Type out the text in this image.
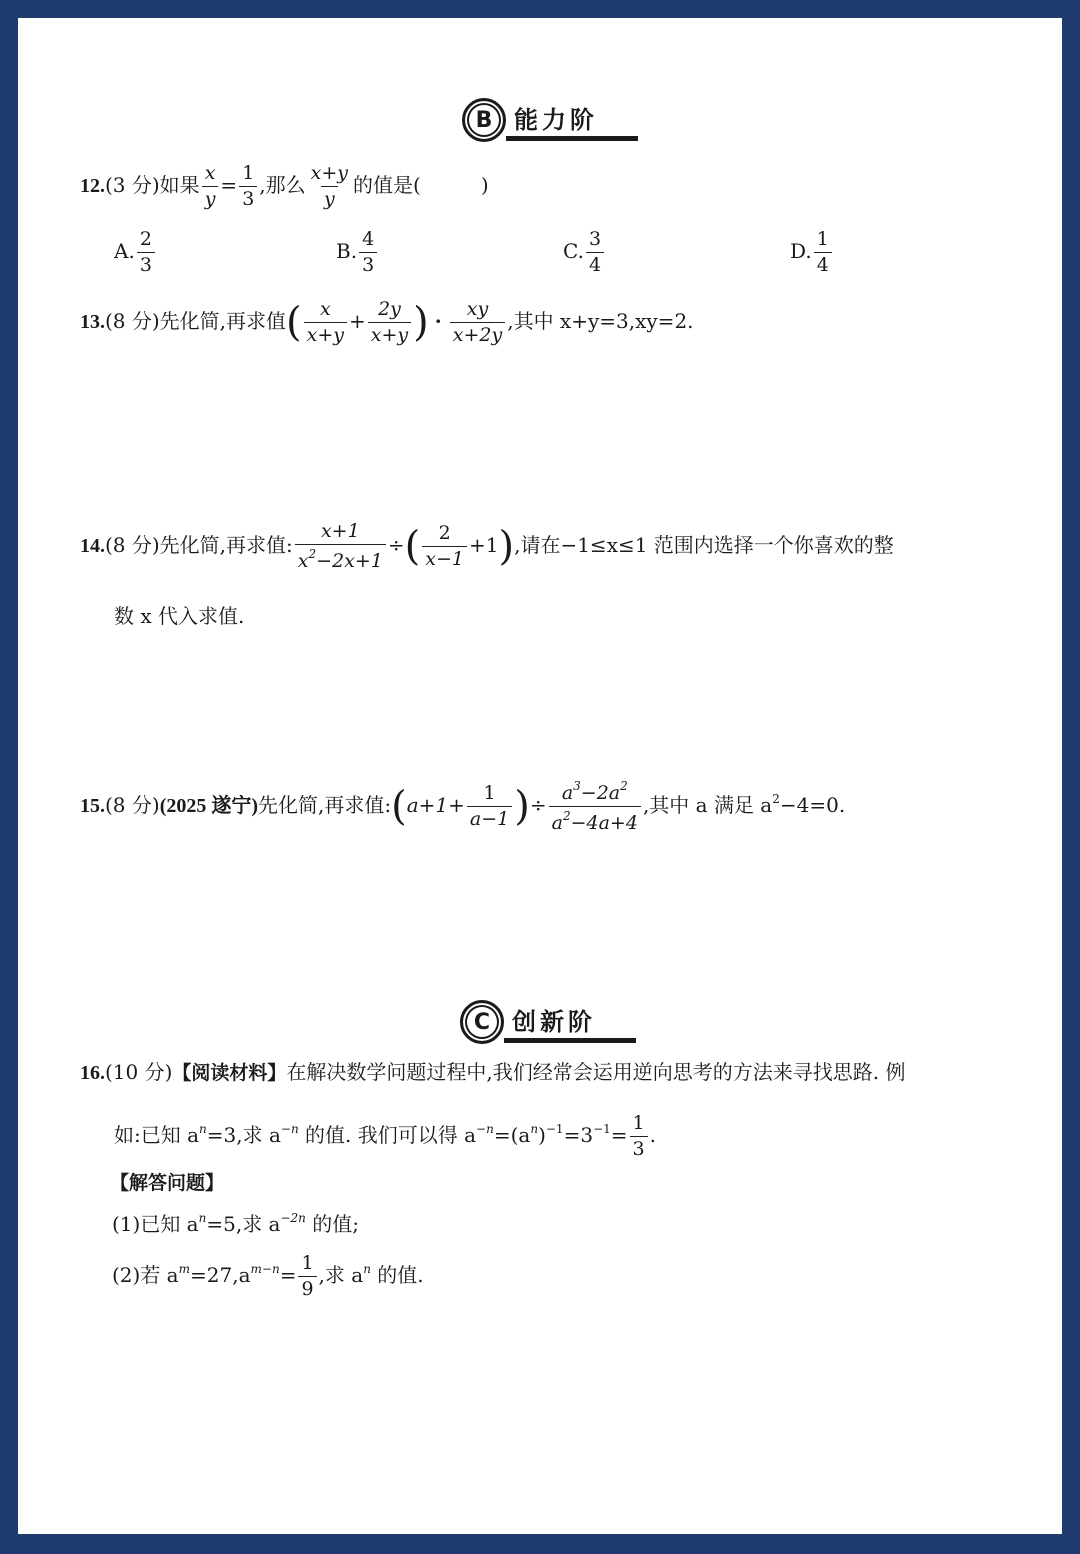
B 能力阶
12.(3 分)如果 $\frac{x}{y} = \frac{1}{3}$ ,那么 $\frac{x+y}{y}$ 的值是(　　　)
A. $\frac{2}{3}$	B. $\frac{4}{3}$	C. $\frac{3}{4}$	D. $\frac{1}{4}$
13.(8 分)先化简,再求值( $\frac{x}{x+y} + \frac{2y}{x+y}$ ) · $\frac{xy}{x+2y}$ ,其中 x+y=3,xy=2.
14.(8 分)先化简,再求值: $\frac{x+1}{x^2-2x+1}$ ÷( $\frac{2}{x-1} +1$),请在−1≤x≤1 范围内选择一个你喜欢的整
数 x 代入求值.
15.(8 分)(2025 遂宁)先化简,再求值:(a+1+ $\frac{1}{a-1}$ )÷ $\frac{a^3-2a^2}{a^2-4a+4}$ ,其中 a 满足 $a^2-4=0$.
C 创新阶
16.(10 分)【阅读材料】在解决数学问题过程中,我们经常会运用逆向思考的方法来寻找思路. 例
如:已知 $a^n=3$,求 $a^{-n}$ 的值. 我们可以得 $a^{-n}=(a^n)^{-1}=3^{-1}= \frac{1}{3}$ .
【解答问题】
(1)已知 $a^n=5$,求 $a^{-2n}$ 的值;
(2)若 $a^m=27,a^{m-n}= \frac{1}{9}$ ,求 $a^n$ 的值.
